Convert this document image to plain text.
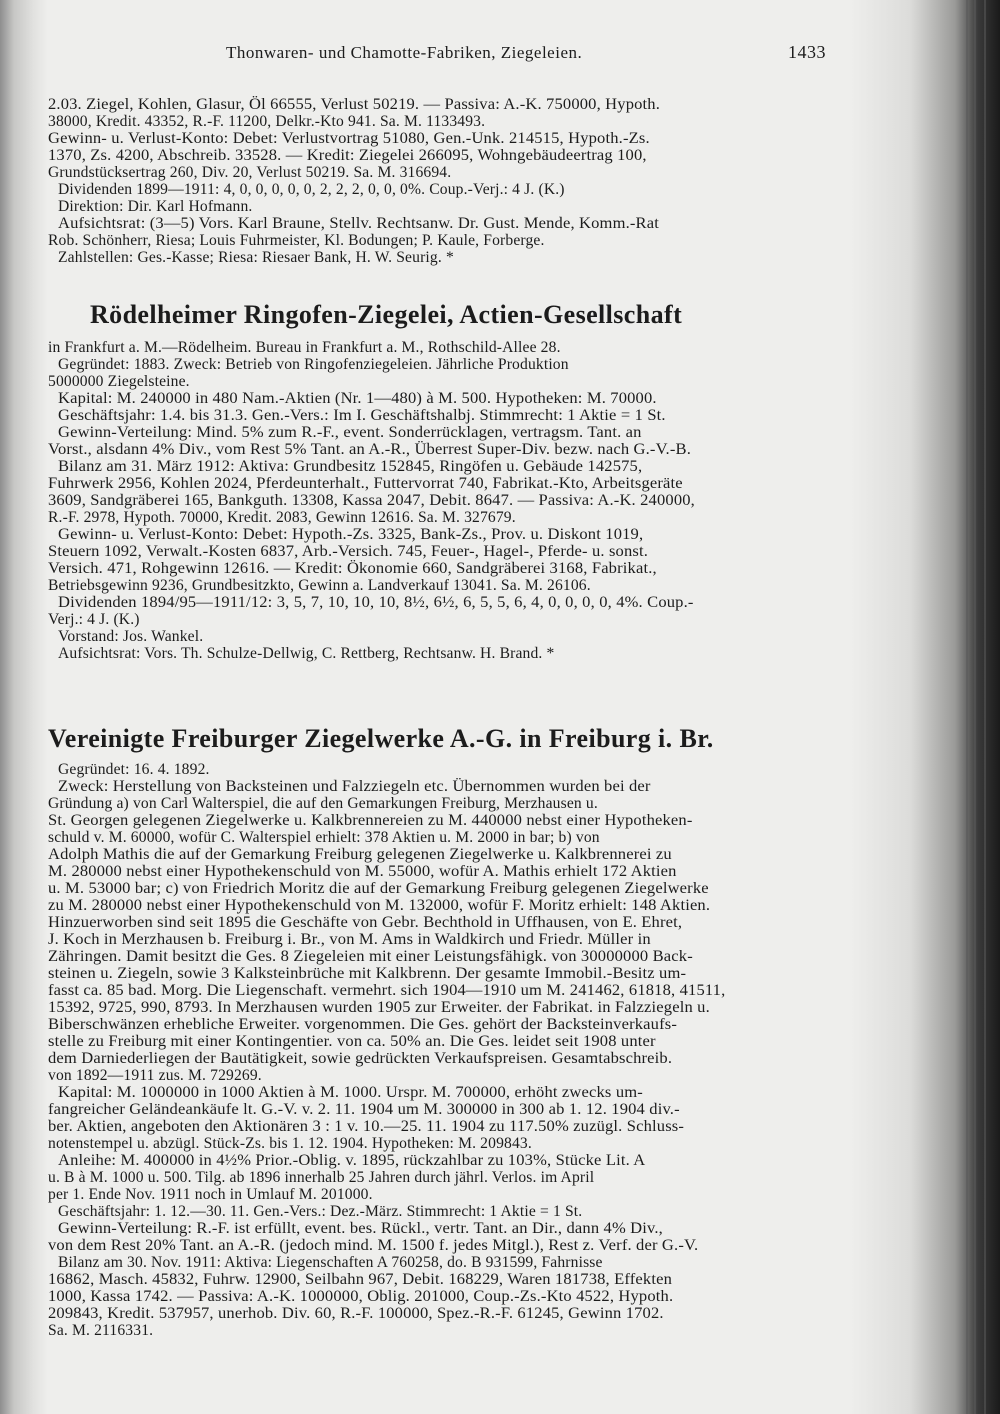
Thonwaren- und Chamotte-Fabriken, Ziegeleien.	1433
2.03. Ziegel, Kohlen, Glasur, Öl 66555, Verlust 50219. — Passiva: A.-K. 750000, Hypoth.
38000, Kredit. 43352, R.-F. 11200, Delkr.-Kto 941. Sa. M. 1133493.
Gewinn- u. Verlust-Konto: Debet: Verlustvortrag 51080, Gen.-Unk. 214515, Hypoth.-Zs.
1370, Zs. 4200, Abschreib. 33528. — Kredit: Ziegelei 266095, Wohngebäudeertrag 100,
Grundstücksertrag 260, Div. 20, Verlust 50219. Sa. M. 316694.
Dividenden 1899—1911: 4, 0, 0, 0, 0, 0, 2, 2, 2, 0, 0, 0%. Coup.-Verj.: 4 J. (K.)
Direktion: Dir. Karl Hofmann.
Aufsichtsrat: (3—5) Vors. Karl Braune, Stellv. Rechtsanw. Dr. Gust. Mende, Komm.-Rat
Rob. Schönherr, Riesa; Louis Fuhrmeister, Kl. Bodungen; P. Kaule, Forberge.
Zahlstellen: Ges.-Kasse; Riesa: Riesaer Bank, H. W. Seurig. *
Rödelheimer Ringofen-Ziegelei, Actien-Gesellschaft
in Frankfurt a. M.—Rödelheim. Bureau in Frankfurt a. M., Rothschild-Allee 28.
Gegründet: 1883. Zweck: Betrieb von Ringofenziegeleien. Jährliche Produktion
5000000 Ziegelsteine.
Kapital: M. 240000 in 480 Nam.-Aktien (Nr. 1—480) à M. 500. Hypotheken: M. 70000.
Geschäftsjahr: 1.4. bis 31.3. Gen.-Vers.: Im I. Geschäftshalbj. Stimmrecht: 1 Aktie = 1 St.
Gewinn-Verteilung: Mind. 5% zum R.-F., event. Sonderrücklagen, vertragsm. Tant. an
Vorst., alsdann 4% Div., vom Rest 5% Tant. an A.-R., Überrest Super-Div. bezw. nach G.-V.-B.
Bilanz am 31. März 1912: Aktiva: Grundbesitz 152845, Ringöfen u. Gebäude 142575,
Fuhrwerk 2956, Kohlen 2024, Pferdeunterhalt., Futtervorrat 740, Fabrikat.-Kto, Arbeitsgeräte
3609, Sandgräberei 165, Bankguth. 13308, Kassa 2047, Debit. 8647. — Passiva: A.-K. 240000,
R.-F. 2978, Hypoth. 70000, Kredit. 2083, Gewinn 12616. Sa. M. 327679.
Gewinn- u. Verlust-Konto: Debet: Hypoth.-Zs. 3325, Bank-Zs., Prov. u. Diskont 1019,
Steuern 1092, Verwalt.-Kosten 6837, Arb.-Versich. 745, Feuer-, Hagel-, Pferde- u. sonst.
Versich. 471, Rohgewinn 12616. — Kredit: Ökonomie 660, Sandgräberei 3168, Fabrikat.,
Betriebsgewinn 9236, Grundbesitzkto, Gewinn a. Landverkauf 13041. Sa. M. 26106.
Dividenden 1894/95—1911/12: 3, 5, 7, 10, 10, 10, 8½, 6½, 6, 5, 5, 6, 4, 0, 0, 0, 0, 4%. Coup.-
Verj.: 4 J. (K.)
Vorstand: Jos. Wankel.
Aufsichtsrat: Vors. Th. Schulze-Dellwig, C. Rettberg, Rechtsanw. H. Brand. *
Vereinigte Freiburger Ziegelwerke A.-G. in Freiburg i. Br.
Gegründet: 16. 4. 1892.
Zweck: Herstellung von Backsteinen und Falzziegeln etc. Übernommen wurden bei der
Gründung a) von Carl Walterspiel, die auf den Gemarkungen Freiburg, Merzhausen u.
St. Georgen gelegenen Ziegelwerke u. Kalkbrennereien zu M. 440000 nebst einer Hypotheken-
schuld v. M. 60000, wofür C. Walterspiel erhielt: 378 Aktien u. M. 2000 in bar; b) von
Adolph Mathis die auf der Gemarkung Freiburg gelegenen Ziegelwerke u. Kalkbrennerei zu
M. 280000 nebst einer Hypothekenschuld von M. 55000, wofür A. Mathis erhielt 172 Aktien
u. M. 53000 bar; c) von Friedrich Moritz die auf der Gemarkung Freiburg gelegenen Ziegelwerke
zu M. 280000 nebst einer Hypothekenschuld von M. 132000, wofür F. Moritz erhielt: 148 Aktien.
Hinzuerworben sind seit 1895 die Geschäfte von Gebr. Bechthold in Uffhausen, von E. Ehret,
J. Koch in Merzhausen b. Freiburg i. Br., von M. Ams in Waldkirch und Friedr. Müller in
Zähringen. Damit besitzt die Ges. 8 Ziegeleien mit einer Leistungsfähigk. von 30000000 Back-
steinen u. Ziegeln, sowie 3 Kalksteinbrüche mit Kalkbrenn. Der gesamte Immobil.-Besitz um-
fasst ca. 85 bad. Morg. Die Liegenschaft. vermehrt. sich 1904—1910 um M. 241462, 61818, 41511,
15392, 9725, 990, 8793. In Merzhausen wurden 1905 zur Erweiter. der Fabrikat. in Falzziegeln u.
Biberschwänzen erhebliche Erweiter. vorgenommen. Die Ges. gehört der Backsteinverkaufs-
stelle zu Freiburg mit einer Kontingentier. von ca. 50% an. Die Ges. leidet seit 1908 unter
dem Darniederliegen der Bautätigkeit, sowie gedrückten Verkaufspreisen. Gesamtabschreib.
von 1892—1911 zus. M. 729269.
Kapital: M. 1000000 in 1000 Aktien à M. 1000. Urspr. M. 700000, erhöht zwecks um-
fangreicher Geländeankäufe lt. G.-V. v. 2. 11. 1904 um M. 300000 in 300 ab 1. 12. 1904 div.-
ber. Aktien, angeboten den Aktionären 3 : 1 v. 10.—25. 11. 1904 zu 117.50% zuzügl. Schluss-
notenstempel u. abzügl. Stück-Zs. bis 1. 12. 1904. Hypotheken: M. 209843.
Anleihe: M. 400000 in 4½% Prior.-Oblig. v. 1895, rückzahlbar zu 103%, Stücke Lit. A
u. B à M. 1000 u. 500. Tilg. ab 1896 innerhalb 25 Jahren durch jährl. Verlos. im April
per 1. Ende Nov. 1911 noch in Umlauf M. 201000.
Geschäftsjahr: 1. 12.—30. 11. Gen.-Vers.: Dez.-März. Stimmrecht: 1 Aktie = 1 St.
Gewinn-Verteilung: R.-F. ist erfüllt, event. bes. Rückl., vertr. Tant. an Dir., dann 4% Div.,
von dem Rest 20% Tant. an A.-R. (jedoch mind. M. 1500 f. jedes Mitgl.), Rest z. Verf. der G.-V.
Bilanz am 30. Nov. 1911: Aktiva: Liegenschaften A 760258, do. B 931599, Fahrnisse
16862, Masch. 45832, Fuhrw. 12900, Seilbahn 967, Debit. 168229, Waren 181738, Effekten
1000, Kassa 1742. — Passiva: A.-K. 1000000, Oblig. 201000, Coup.-Zs.-Kto 4522, Hypoth.
209843, Kredit. 537957, unerhob. Div. 60, R.-F. 100000, Spez.-R.-F. 61245, Gewinn 1702.
Sa. M. 2116331.
